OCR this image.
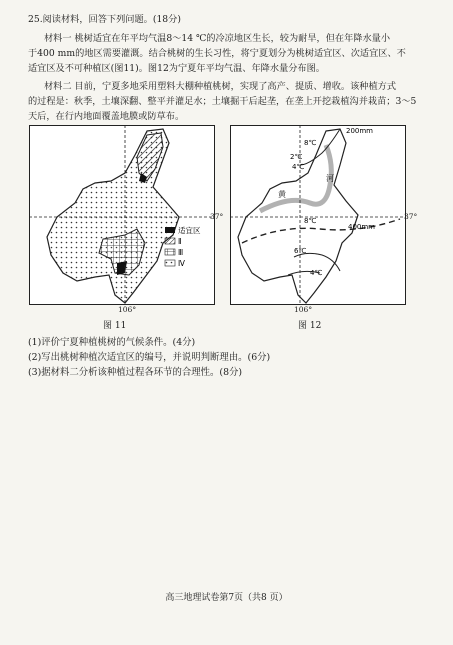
25.阅读材料，回答下列问题。(18分)
材料一 桃树适宜在年平均气温8～14 ℃的冷凉地区生长，较为耐旱，但在年降水量小
于400 mm的地区需要灌溉。结合桃树的生长习性，将宁夏划分为桃树适宜区、次适宜区、不
适宜区及不可种植区(图11)。图12为宁夏年平均气温、年降水量分布图。
材料二 目前，宁夏多地采用塑料大棚种植桃树，实现了高产、提质、增收。该种植方式
的过程是：秋季，土壤深翻、整平并灌足水；土壤掘干后起垄，在垄上开挖栽植沟并栽苗；3～5
天后，在行内地面覆盖地膜或防草布。
适宜区
Ⅱ
Ⅲ
Ⅳ
37°
106°
图 11
200mm
8℃
2℃
4℃
黄
河
8℃
400mm
6℃
4℃
37°
106°
图 12
(1)评价宁夏种植桃树的气候条件。(4分)
(2)写出桃树种植次适宜区的编号，并说明判断理由。(6分)
(3)据材料二分析该种植过程各环节的合理性。(8分)
高三地理试卷第7页（共8 页）
